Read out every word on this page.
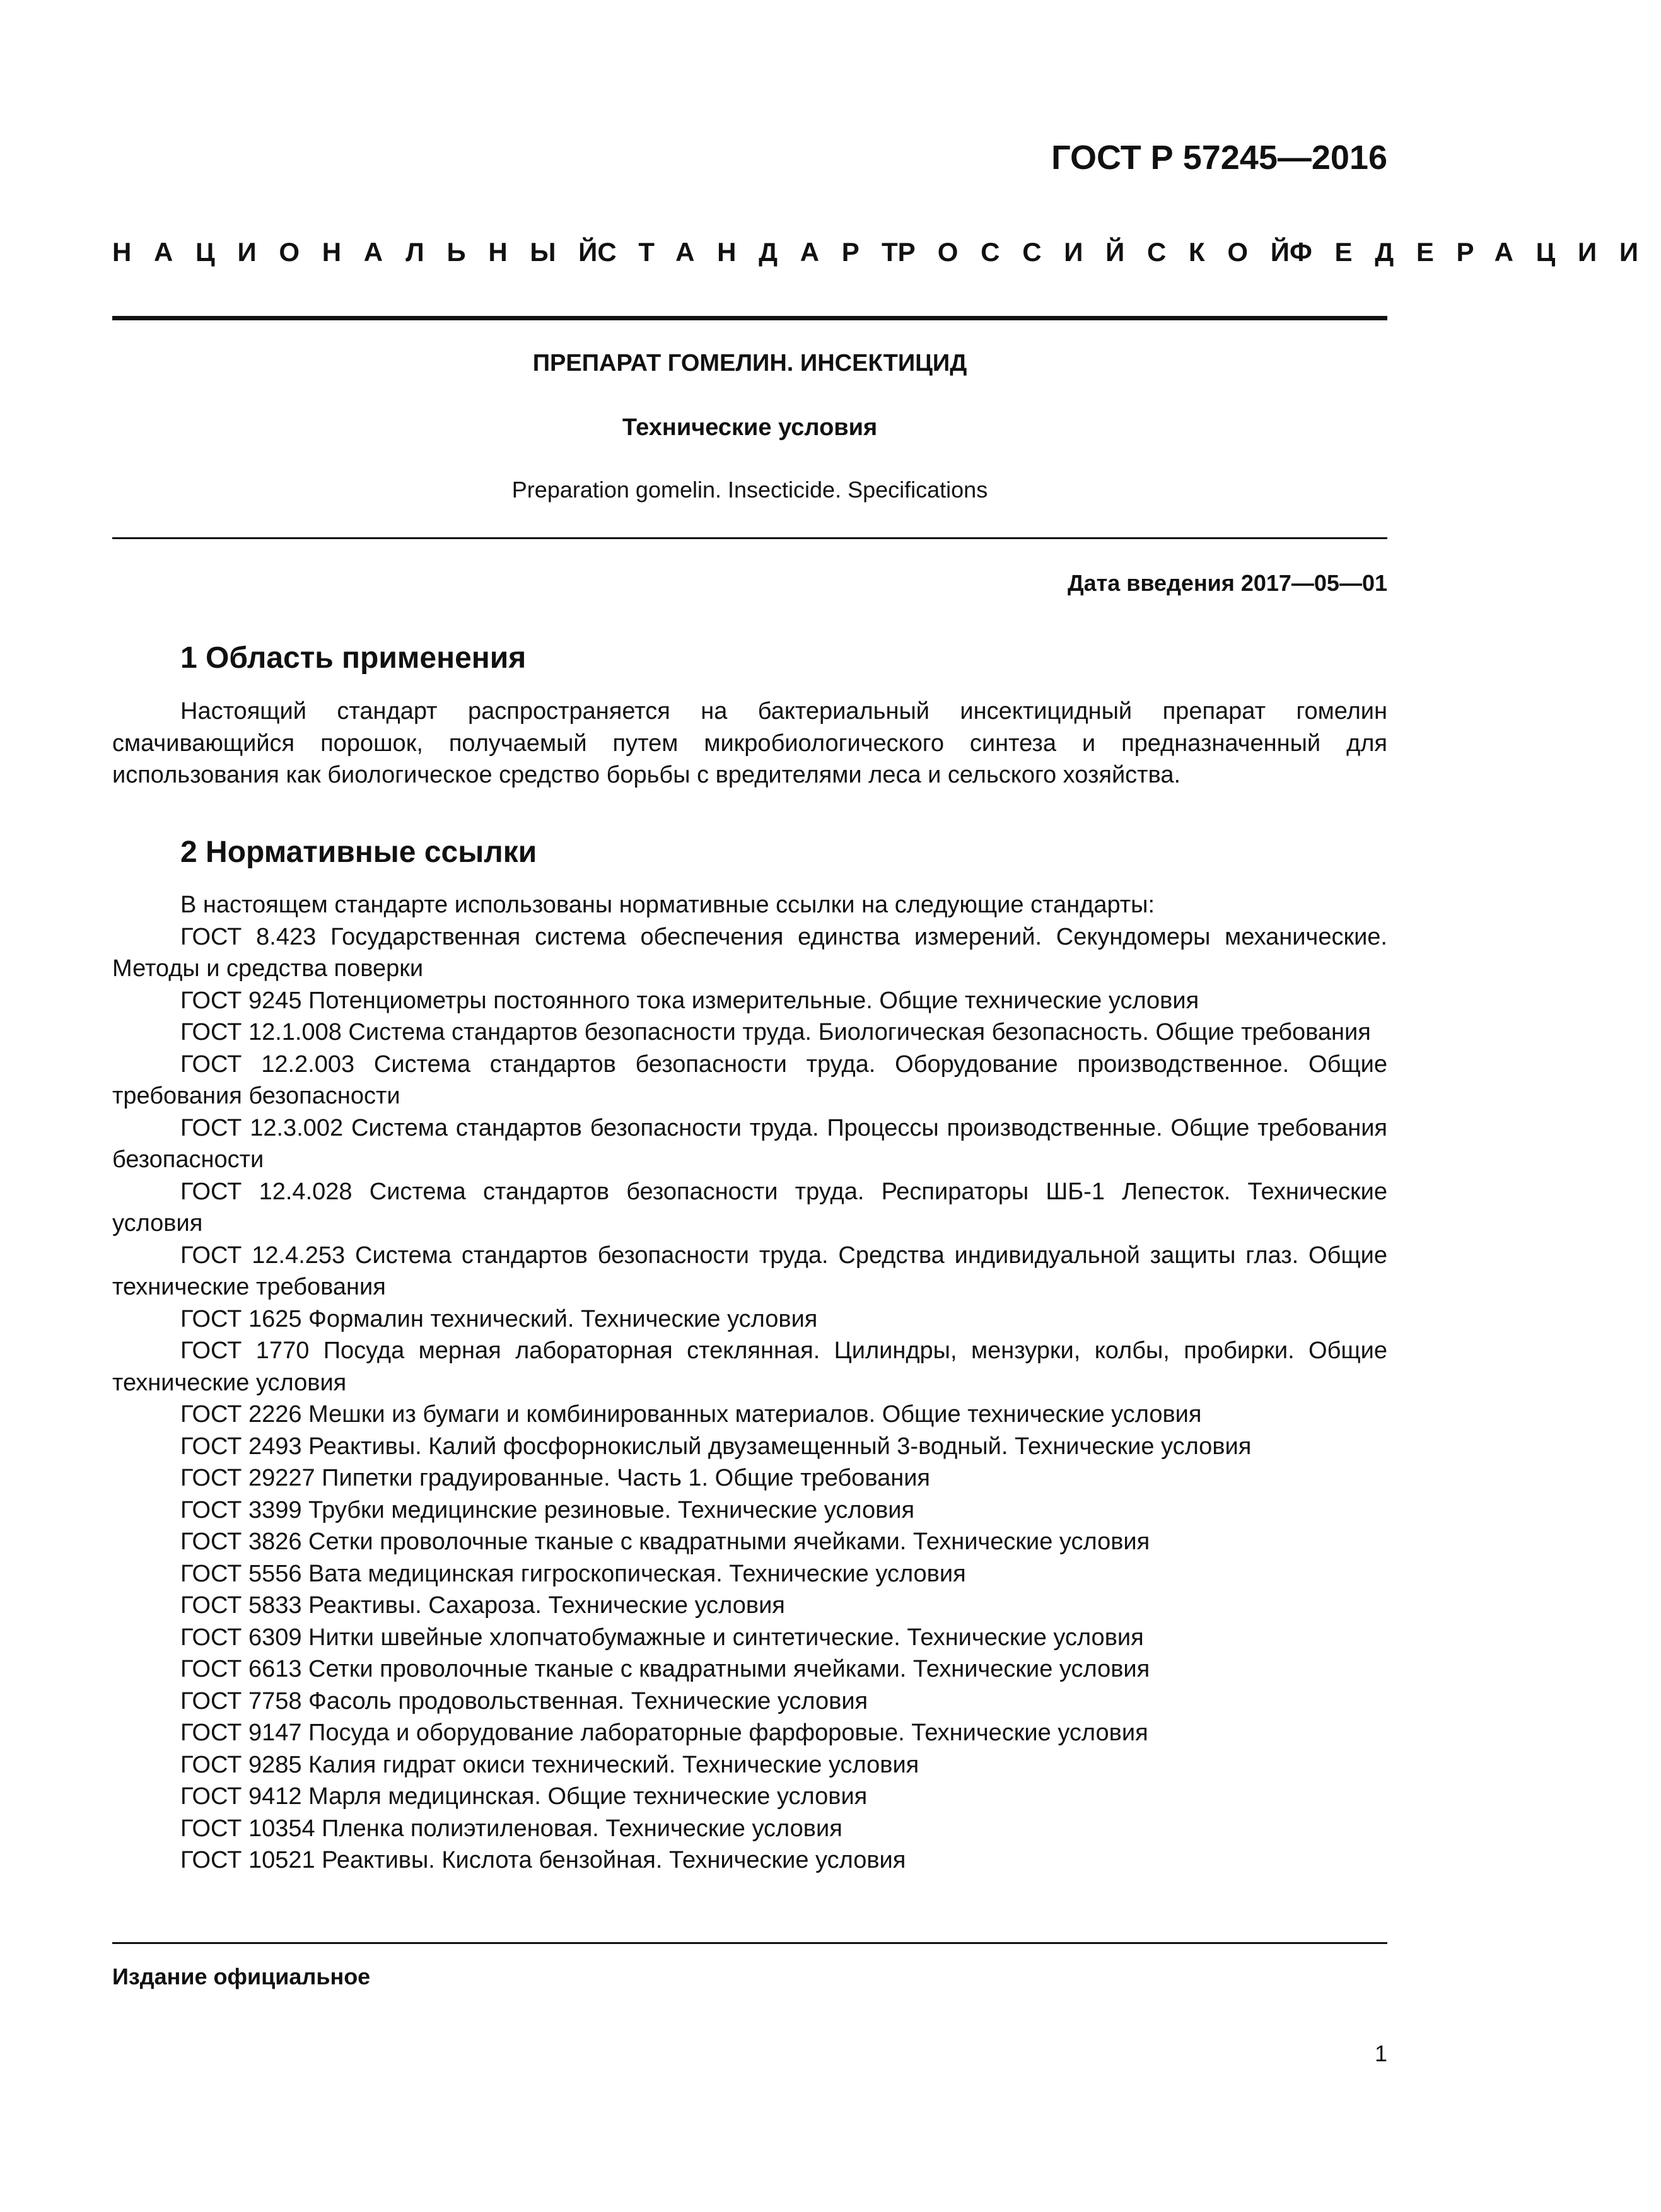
ГОСТ Р 57245—2016
НАЦИОНАЛЬНЫЙ
СТАНДАРТ
РОССИЙСКОЙ
ФЕДЕРАЦИИ
ПРЕПАРАТ ГОМЕЛИН. ИНСЕКТИЦИД
Технические условия
Preparation gomelin. Insecticide. Specifications
Дата введения 2017—05—01
1 Область применения

Настоящий стандарт распространяется на бактериальный инсектицидный препарат гомелин смачивающийся порошок, получаемый путем микробиологического синтеза и предназначенный для использования как биологическое средство борьбы с вредителями леса и сельского хозяйства.

2 Нормативные ссылки

В настоящем стандарте использованы нормативные ссылки на следующие стандарты:

ГОСТ 8.423 Государственная система обеспечения единства измерений. Секундомеры механические. Методы и средства поверки

ГОСТ 9245 Потенциометры постоянного тока измерительные. Общие технические условия

ГОСТ 12.1.008 Система стандартов безопасности труда. Биологическая безопасность. Общие требования

ГОСТ 12.2.003 Система стандартов безопасности труда. Оборудование производственное. Общие требования безопасности

ГОСТ 12.3.002 Система стандартов безопасности труда. Процессы производственные. Общие требования безопасности

ГОСТ 12.4.028 Система стандартов безопасности труда. Респираторы ШБ-1 Лепесток. Технические условия

ГОСТ 12.4.253 Система стандартов безопасности труда. Средства индивидуальной защиты глаз. Общие технические требования

ГОСТ 1625 Формалин технический. Технические условия

ГОСТ 1770 Посуда мерная лабораторная стеклянная. Цилиндры, мензурки, колбы, пробирки. Общие технические условия

ГОСТ 2226 Мешки из бумаги и комбинированных материалов. Общие технические условия

ГОСТ 2493 Реактивы. Калий фосфорнокислый двузамещенный 3-водный. Технические условия

ГОСТ 29227 Пипетки градуированные. Часть 1. Общие требования

ГОСТ 3399 Трубки медицинские резиновые. Технические условия

ГОСТ 3826 Сетки проволочные тканые с квадратными ячейками. Технические условия

ГОСТ 5556 Вата медицинская гигроскопическая. Технические условия

ГОСТ 5833 Реактивы. Сахароза. Технические условия

ГОСТ 6309 Нитки швейные хлопчатобумажные и синтетические. Технические условия

ГОСТ 6613 Сетки проволочные тканые с квадратными ячейками. Технические условия

ГОСТ 7758 Фасоль продовольственная. Технические условия

ГОСТ 9147 Посуда и оборудование лабораторные фарфоровые. Технические условия

ГОСТ 9285 Калия гидрат окиси технический. Технические условия

ГОСТ 9412 Марля медицинская. Общие технические условия

ГОСТ 10354 Пленка полиэтиленовая. Технические условия

ГОСТ 10521 Реактивы. Кислота бензойная. Технические условия

Издание официальное
1
